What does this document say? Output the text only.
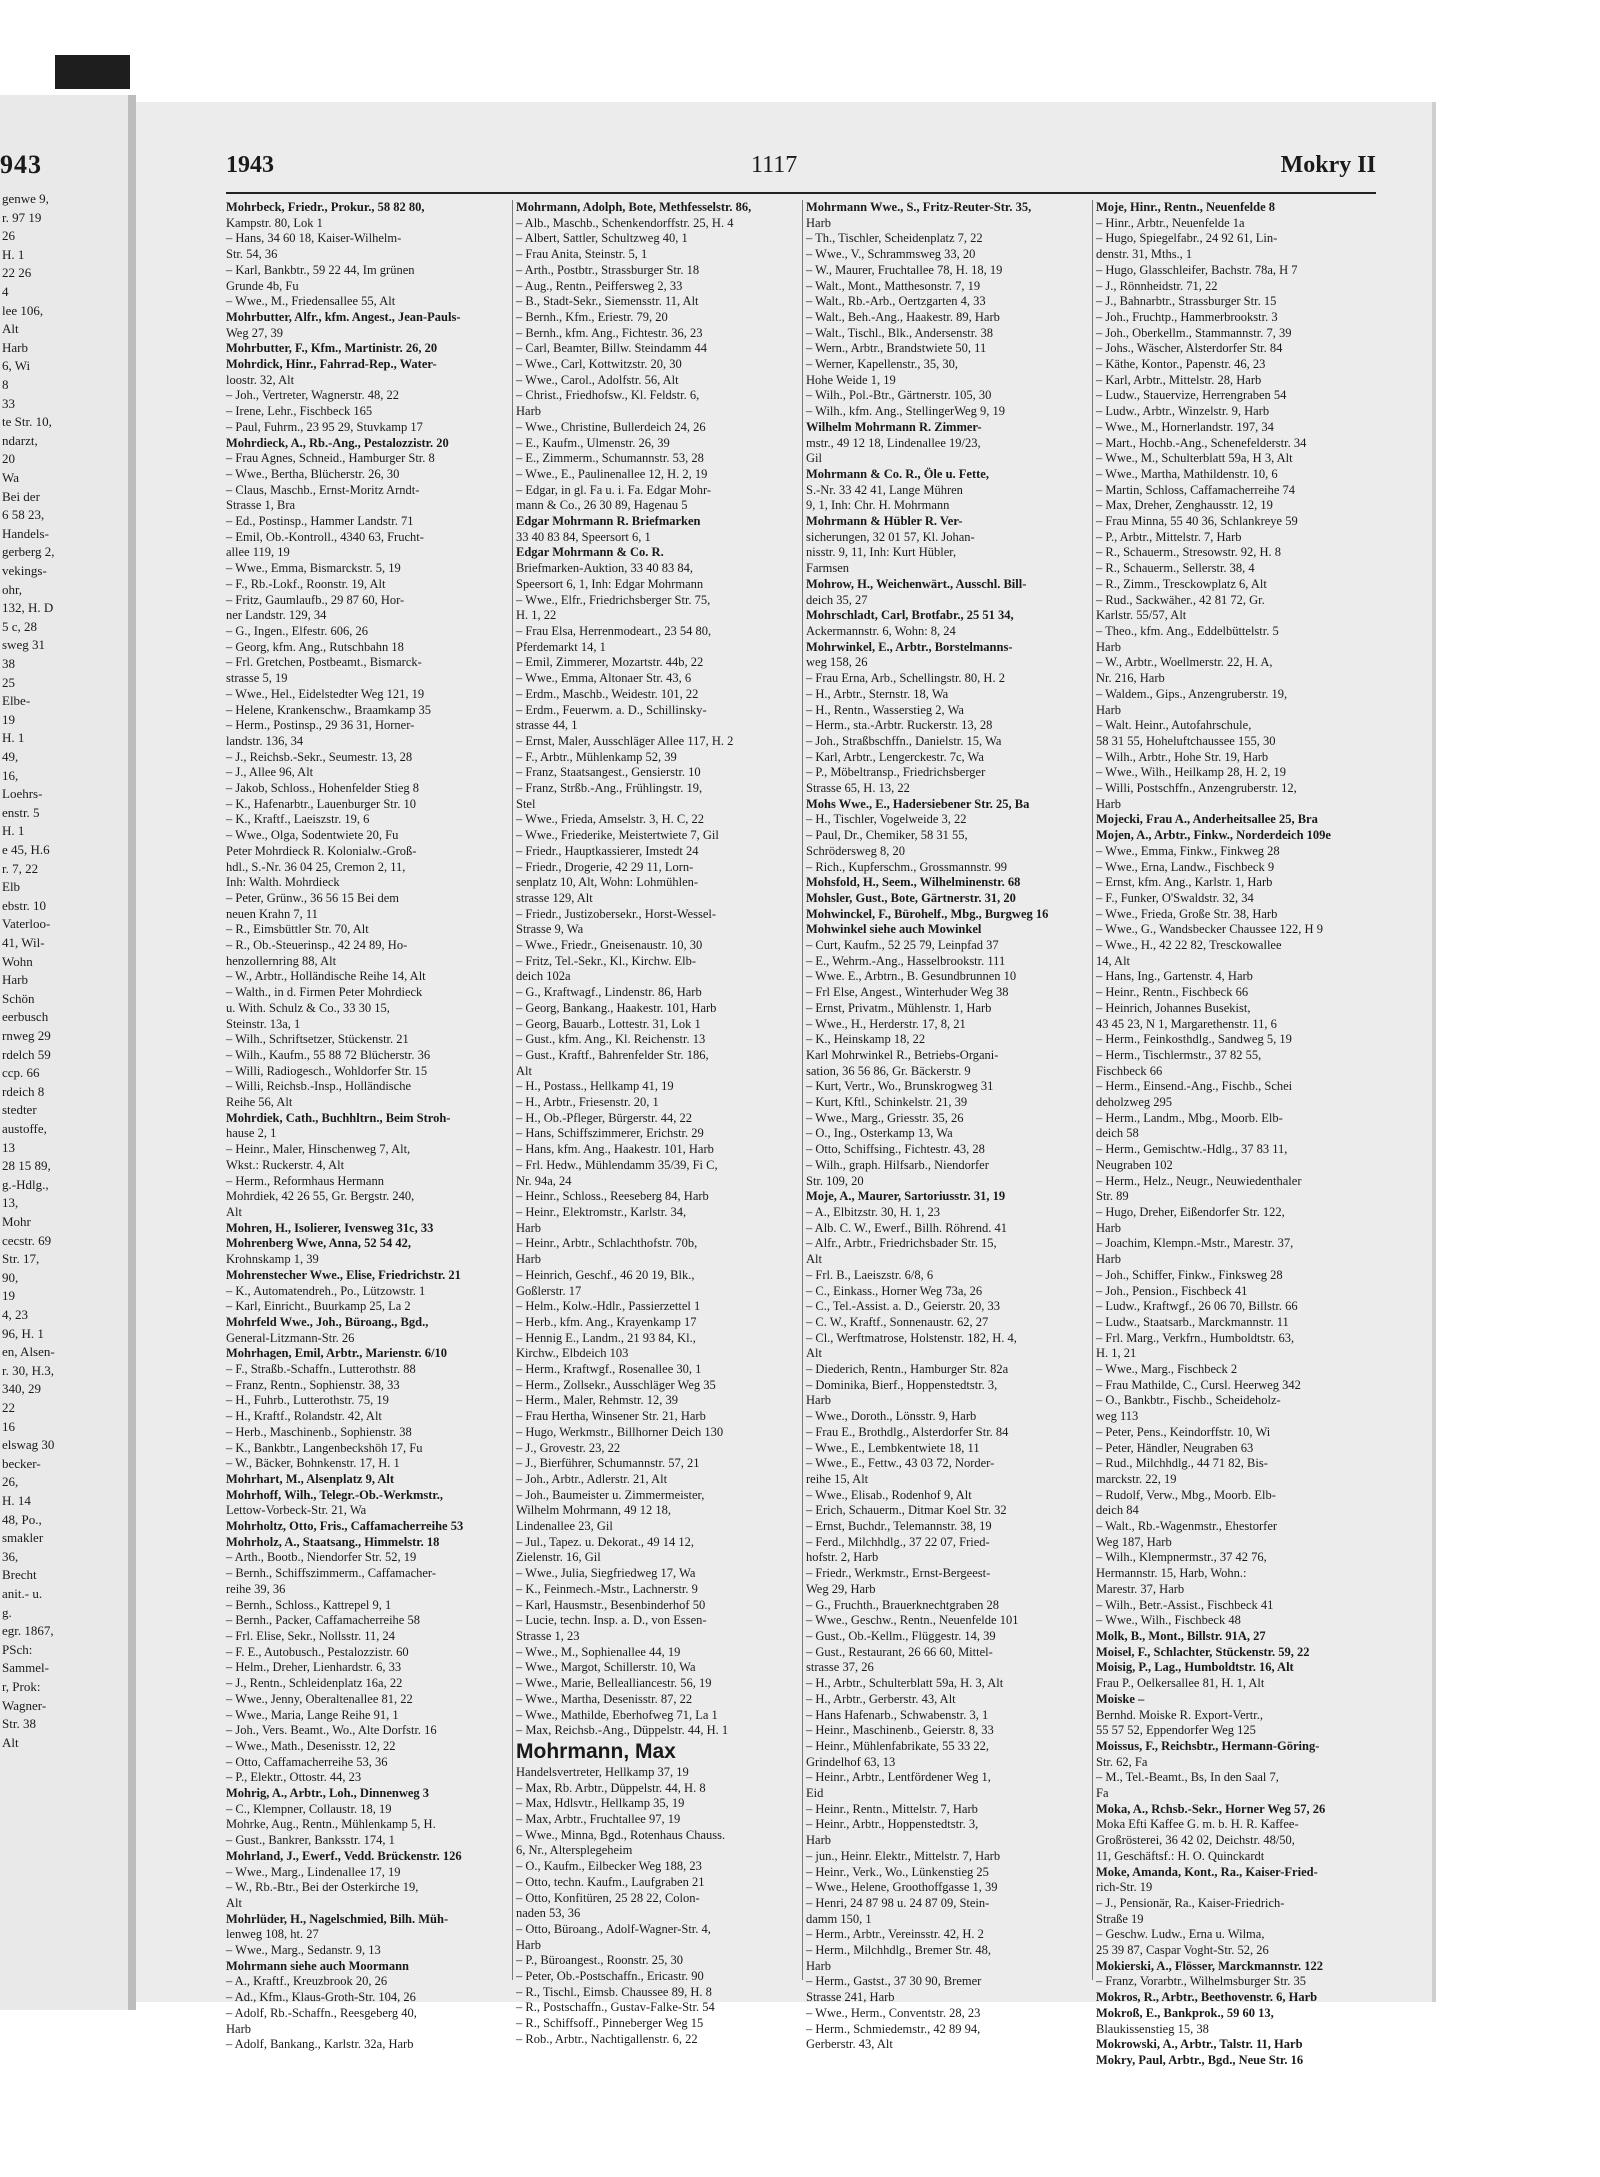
943
genwe 9,
r. 97 19
26
H. 1
22 26
4
lee 106,
Alt
Harb
6, Wi
8
33
te Str. 10,
ndarzt,
20
Wa
Bei der
6 58 23,
Handels-
gerberg 2,
vekings-
ohr,
132, H. D
5 c, 28
sweg 31
38
25
Elbe-
19
H. 1
49,
16,
Loehrs-
enstr. 5
H. 1
e 45, H.6
r. 7, 22
Elb
ebstr. 10
Vaterloo-
41, Wil-
Wohn
Harb
Schön
eerbusch
rnweg 29
rdelch 59
ccp. 66
rdeich 8
stedter
austoffe,
13
28 15 89,
g.-Hdlg.,
13,
Mohr
cecstr. 69
Str. 17,
90,
19
4, 23
96, H. 1
en, Alsen-
r. 30, H.3,
340, 29
22
16
elswag 30
becker-
26,
H. 14
48, Po.,
smakler
36,
Brecht
anit.- u.
g.
egr. 1867,
PSch:
Sammel-
r, Prok:
Wagner-
Str. 38
Alt
1943	1117	Mokry II
Mohrbeck, Friedr., Prokur., 58 82 80,
Kampstr. 80, Lok 1
– Hans, 34 60 18, Kaiser-Wilhelm-
Str. 54, 36
– Karl, Bankbtr., 59 22 44, Im grünen
Grunde 4b, Fu
– Wwe., M., Friedensallee 55, Alt
Mohrbutter, Alfr., kfm. Angest., Jean-Pauls-
Weg 27, 39
Mohrbutter, F., Kfm., Martinistr. 26, 20
Mohrdick, Hinr., Fahrrad-Rep., Water-
loostr. 32, Alt
– Joh., Vertreter, Wagnerstr. 48, 22
– Irene, Lehr., Fischbeck 165
– Paul, Fuhrm., 23 95 29, Stuvkamp 17
Mohrdieck, A., Rb.-Ang., Pestalozzistr. 20
– Frau Agnes, Schneid., Hamburger Str. 8
– Wwe., Bertha, Blücherstr. 26, 30
– Claus, Maschb., Ernst-Moritz Arndt-
Strasse 1, Bra
– Ed., Postinsp., Hammer Landstr. 71
– Emil, Ob.-Kontroll., 4340 63, Frucht-
allee 119, 19
– Wwe., Emma, Bismarckstr. 5, 19
– F., Rb.-Lokf., Roonstr. 19, Alt
– Fritz, Gaumlaufb., 29 87 60, Hor-
ner Landstr. 129, 34
– G., Ingen., Elfestr. 606, 26
– Georg, kfm. Ang., Rutschbahn 18
– Frl. Gretchen, Postbeamt., Bismarck-
strasse 5, 19
– Wwe., Hel., Eidelstedter Weg 121, 19
– Helene, Krankenschw., Braamkamp 35
– Herm., Postinsp., 29 36 31, Horner-
landstr. 136, 34
– J., Reichsb.-Sekr., Seumestr. 13, 28
– J., Allee 96, Alt
– Jakob, Schloss., Hohenfelder Stieg 8
– K., Hafenarbtr., Lauenburger Str. 10
– K., Kraftf., Laeiszstr. 19, 6
– Wwe., Olga, Sodentwiete 20, Fu
Peter Mohrdieck R. Kolonialw.-Groß-
hdl., S.-Nr. 36 04 25, Cremon 2, 11,
Inh: Walth. Mohrdieck
– Peter, Grünw., 36 56 15 Bei dem
neuen Krahn 7, 11
– R., Eimsbüttler Str. 70, Alt
– R., Ob.-Steuerinsp., 42 24 89, Ho-
henzollernring 88, Alt
– W., Arbtr., Holländische Reihe 14, Alt
– Walth., in d. Firmen Peter Mohrdieck
u. With. Schulz & Co., 33 30 15,
Steinstr. 13a, 1
– Wilh., Schriftsetzer, Stückenstr. 21
– Wilh., Kaufm., 55 88 72 Blücherstr. 36
– Willi, Radiogesch., Wohldorfer Str. 15
– Willi, Reichsb.-Insp., Holländische
Reihe 56, Alt
Mohrdiek, Cath., Buchhltrn., Beim Stroh-
hause 2, 1
– Heinr., Maler, Hinschenweg 7, Alt,
Wkst.: Ruckerstr. 4, Alt
– Herm., Reformhaus Hermann
Mohrdiek, 42 26 55, Gr. Bergstr. 240,
Alt
Mohren, H., Isolierer, Ivensweg 31c, 33
Mohrenberg Wwe, Anna, 52 54 42,
Krohnskamp 1, 39
Mohrenstecher Wwe., Elise, Friedrichstr. 21
– K., Automatendreh., Po., Lützowstr. 1
– Karl, Einricht., Buurkamp 25, La 2
Mohrfeld Wwe., Joh., Büroang., Bgd.,
General-Litzmann-Str. 26
Mohrhagen, Emil, Arbtr., Marienstr. 6/10
– F., Straßb.-Schaffn., Lutterothstr. 88
– Franz, Rentn., Sophienstr. 38, 33
– H., Fuhrb., Lutterothstr. 75, 19
– H., Kraftf., Rolandstr. 42, Alt
– Herb., Maschinenb., Sophienstr. 38
– K., Bankbtr., Langenbeckshöh 17, Fu
– W., Bäcker, Bohnkenstr. 17, H. 1
Mohrhart, M., Alsenplatz 9, Alt
Mohrhoff, Wilh., Telegr.-Ob.-Werkmstr.,
Lettow-Vorbeck-Str. 21, Wa
Mohrholtz, Otto, Fris., Caffamacherreihe 53
Mohrholz, A., Staatsang., Himmelstr. 18
– Arth., Bootb., Niendorfer Str. 52, 19
– Bernh., Schiffszimmerm., Caffamacher-
reihe 39, 36
– Bernh., Schloss., Kattrepel 9, 1
– Bernh., Packer, Caffamacherreihe 58
– Frl. Elise, Sekr., Nollsstr. 11, 24
– F. E., Autobusch., Pestalozzistr. 60
– Helm., Dreher, Lienhardstr. 6, 33
– J., Rentn., Schleidenplatz 16a, 22
– Wwe., Jenny, Oberaltenallee 81, 22
– Wwe., Maria, Lange Reihe 91, 1
– Joh., Vers. Beamt., Wo., Alte Dorfstr. 16
– Wwe., Math., Desenisstr. 12, 22
– Otto, Caffamacherreihe 53, 36
– P., Elektr., Ottostr. 44, 23
Mohrig, A., Arbtr., Loh., Dinnenweg 3
– C., Klempner, Collaustr. 18, 19
Mohrke, Aug., Rentn., Mühlenkamp 5, H.
– Gust., Bankrer, Banksstr. 174, 1
Mohrland, J., Ewerf., Vedd. Brückenstr. 126
– Wwe., Marg., Lindenallee 17, 19
– W., Rb.-Btr., Bei der Osterkirche 19,
Alt
Mohrlüder, H., Nagelschmied, Bilh. Müh-
lenweg 108, ht. 27
– Wwe., Marg., Sedanstr. 9, 13
Mohrmann siehe auch Moormann
– A., Kraftf., Kreuzbrook 20, 26
– Ad., Kfm., Klaus-Groth-Str. 104, 26
– Adolf, Rb.-Schaffn., Reesgeberg 40,
Harb
– Adolf, Bankang., Karlstr. 32a, Harb
Mohrmann, Adolph, Bote, Methfesselstr. 86,
– Alb., Maschb., Schenkendorffstr. 25, H. 4
– Albert, Sattler, Schultzweg 40, 1
– Frau Anita, Steinstr. 5, 1
– Arth., Postbtr., Strassburger Str. 18
– Aug., Rentn., Peiffersweg 2, 33
– B., Stadt-Sekr., Siemensstr. 11, Alt
– Bernh., Kfm., Eriestr. 79, 20
– Bernh., kfm. Ang., Fichtestr. 36, 23
– Carl, Beamter, Billw. Steindamm 44
– Wwe., Carl, Kottwitzstr. 20, 30
– Wwe., Carol., Adolfstr. 56, Alt
– Christ., Friedhofsw., Kl. Feldstr. 6,
Harb
– Wwe., Christine, Bullerdeich 24, 26
– E., Kaufm., Ulmenstr. 26, 39
– E., Zimmerm., Schumannstr. 53, 28
– Wwe., E., Paulinenallee 12, H. 2, 19
– Edgar, in gl. Fa u. i. Fa. Edgar Mohr-
mann & Co., 26 30 89, Hagenau 5
Edgar Mohrmann R. Briefmarken
33 40 83 84, Speersort 6, 1
Edgar Mohrmann & Co. R.
Briefmarken-Auktion, 33 40 83 84,
Speersort 6, 1, Inh: Edgar Mohrmann
– Wwe., Elfr., Friedrichsberger Str. 75,
H. 1, 22
– Frau Elsa, Herrenmodeart., 23 54 80,
Pferdemarkt 14, 1
– Emil, Zimmerer, Mozartstr. 44b, 22
– Wwe., Emma, Altonaer Str. 43, 6
– Erdm., Maschb., Weidestr. 101, 22
– Erdm., Feuerwm. a. D., Schillinsky-
strasse 44, 1
– Ernst, Maler, Ausschläger Allee 117, H. 2
– F., Arbtr., Mühlenkamp 52, 39
– Franz, Staatsangest., Gensierstr. 10
– Franz, Strßb.-Ang., Frühlingstr. 19,
Stel
– Wwe., Frieda, Amselstr. 3, H. C, 22
– Wwe., Friederike, Meistertwiete 7, Gil
– Friedr., Hauptkassierer, Imstedt 24
– Friedr., Drogerie, 42 29 11, Lorn-
senplatz 10, Alt, Wohn: Lohmühlen-
strasse 129, Alt
– Friedr., Justizobersekr., Horst-Wessel-
Strasse 9, Wa
– Wwe., Friedr., Gneisenaustr. 10, 30
– Fritz, Tel.-Sekr., Kl., Kirchw. Elb-
deich 102a
– G., Kraftwagf., Lindenstr. 86, Harb
– Georg, Bankang., Haakestr. 101, Harb
– Georg, Bauarb., Lottestr. 31, Lok 1
– Gust., kfm. Ang., Kl. Reichenstr. 13
– Gust., Kraftf., Bahrenfelder Str. 186,
Alt
– H., Postass., Hellkamp 41, 19
– H., Arbtr., Friesenstr. 20, 1
– H., Ob.-Pfleger, Bürgerstr. 44, 22
– Hans, Schiffszimmerer, Erichstr. 29
– Hans, kfm. Ang., Haakestr. 101, Harb
– Frl. Hedw., Mühlendamm 35/39, Fi C,
Nr. 94a, 24
– Heinr., Schloss., Reeseberg 84, Harb
– Heinr., Elektromstr., Karlstr. 34,
Harb
– Heinr., Arbtr., Schlachthofstr. 70b,
Harb
– Heinrich, Geschf., 46 20 19, Blk.,
Goßlerstr. 17
– Helm., Kolw.-Hdlr., Passierzettel 1
– Herb., kfm. Ang., Krayenkamp 17
– Hennig E., Landm., 21 93 84, Kl.,
Kirchw., Elbdeich 103
– Herm., Kraftwgf., Rosenallee 30, 1
– Herm., Zollsekr., Ausschläger Weg 35
– Herm., Maler, Rehmstr. 12, 39
– Frau Hertha, Winsener Str. 21, Harb
– Hugo, Werkmstr., Billhorner Deich 130
– J., Grovestr. 23, 22
– J., Bierführer, Schumannstr. 57, 21
– Joh., Arbtr., Adlerstr. 21, Alt
– Joh., Baumeister u. Zimmermeister,
Wilhelm Mohrmann, 49 12 18,
Lindenallee 23, Gil
– Jul., Tapez. u. Dekorat., 49 14 12,
Zielenstr. 16, Gil
– Wwe., Julia, Siegfriedweg 17, Wa
– K., Feinmech.-Mstr., Lachnerstr. 9
– Karl, Hausmstr., Besenbinderhof 50
– Lucie, techn. Insp. a. D., von Essen-
Strasse 1, 23
– Wwe., M., Sophienallee 44, 19
– Wwe., Margot, Schillerstr. 10, Wa
– Wwe., Marie, Bellealliancestr. 56, 19
– Wwe., Martha, Desenisstr. 87, 22
– Wwe., Mathilde, Eberhofweg 71, La 1
– Max, Reichsb.-Ang., Düppelstr. 44, H. 1
Mohrmann, Max
Handelsvertreter, Hellkamp 37, 19
– Max, Rb. Arbtr., Düppelstr. 44, H. 8
– Max, Hdlsvtr., Hellkamp 35, 19
– Max, Arbtr., Fruchtallee 97, 19
– Wwe., Minna, Bgd., Rotenhaus Chauss.
6, Nr., Altersplegeheim
– O., Kaufm., Eilbecker Weg 188, 23
– Otto, techn. Kaufm., Laufgraben 21
– Otto, Konfitüren, 25 28 22, Colon-
naden 53, 36
– Otto, Büroang., Adolf-Wagner-Str. 4,
Harb
– P., Büroangest., Roonstr. 25, 30
– Peter, Ob.-Postschaffn., Ericastr. 90
– R., Tischl., Eimsb. Chaussee 89, H. 8
– R., Postschaffn., Gustav-Falke-Str. 54
– R., Schiffsoff., Pinneberger Weg 15
– Rob., Arbtr., Nachtigallenstr. 6, 22
Mohrmann Wwe., S., Fritz-Reuter-Str. 35,
Harb
– Th., Tischler, Scheidenplatz 7, 22
– Wwe., V., Schrammsweg 33, 20
– W., Maurer, Fruchtallee 78, H. 18, 19
– Walt., Mont., Matthesonstr. 7, 19
– Walt., Rb.-Arb., Oertzgarten 4, 33
– Walt., Beh.-Ang., Haakestr. 89, Harb
– Walt., Tischl., Blk., Andersenstr. 38
– Wern., Arbtr., Brandstwiete 50, 11
– Werner, Kapellenstr., 35, 30,
Hohe Weide 1, 19
– Wilh., Pol.-Btr., Gärtnerstr. 105, 30
– Wilh., kfm. Ang., StellingerWeg 9, 19
Wilhelm Mohrmann R. Zimmer-
mstr., 49 12 18, Lindenallee 19/23,
Gil
Mohrmann & Co. R., Öle u. Fette,
S.-Nr. 33 42 41, Lange Mühren
9, 1, Inh: Chr. H. Mohrmann
Mohrmann & Hübler R. Ver-
sicherungen, 32 01 57, Kl. Johan-
nisstr. 9, 11, Inh: Kurt Hübler,
Farmsen
Mohrow, H., Weichenwärt., Ausschl. Bill-
deich 35, 27
Mohrschladt, Carl, Brotfabr., 25 51 34,
Ackermannstr. 6, Wohn: 8, 24
Mohrwinkel, E., Arbtr., Borstelmanns-
weg 158, 26
– Frau Erna, Arb., Schellingstr. 80, H. 2
– H., Arbtr., Sternstr. 18, Wa
– H., Rentn., Wasserstieg 2, Wa
– Herm., sta.-Arbtr. Ruckerstr. 13, 28
– Joh., Straßbschffn., Danielstr. 15, Wa
– Karl, Arbtr., Lengerckestr. 7c, Wa
– P., Möbeltransp., Friedrichsberger
Strasse 65, H. 13, 22
Mohs Wwe., E., Hadersiebener Str. 25, Ba
– H., Tischler, Vogelweide 3, 22
– Paul, Dr., Chemiker, 58 31 55,
Schrödersweg 8, 20
– Rich., Kupferschm., Grossmannstr. 99
Mohsfold, H., Seem., Wilhelminenstr. 68
Mohsler, Gust., Bote, Gärtnerstr. 31, 20
Mohwinckel, F., Bürohelf., Mbg., Burgweg 16
Mohwinkel siehe auch Mowinkel
– Curt, Kaufm., 52 25 79, Leinpfad 37
– E., Wehrm.-Ang., Hasselbrookstr. 111
– Wwe. E., Arbtrn., B. Gesundbrunnen 10
– Frl Else, Angest., Winterhuder Weg 38
– Ernst, Privatm., Mühlenstr. 1, Harb
– Wwe., H., Herderstr. 17, 8, 21
– K., Heinskamp 18, 22
Karl Mohrwinkel R., Betriebs-Organi-
sation, 36 56 86, Gr. Bäckerstr. 9
– Kurt, Vertr., Wo., Brunskrogweg 31
– Kurt, Kftl., Schinkelstr. 21, 39
– Wwe., Marg., Griesstr. 35, 26
– O., Ing., Osterkamp 13, Wa
– Otto, Schiffsing., Fichtestr. 43, 28
– Wilh., graph. Hilfsarb., Niendorfer
Str. 109, 20
Moje, A., Maurer, Sartoriusstr. 31, 19
– A., Elbitzstr. 30, H. 1, 23
– Alb. C. W., Ewerf., Billh. Röhrend. 41
– Alfr., Arbtr., Friedrichsbader Str. 15,
Alt
– Frl. B., Laeiszstr. 6/8, 6
– C., Einkass., Horner Weg 73a, 26
– C., Tel.-Assist. a. D., Geierstr. 20, 33
– C. W., Kraftf., Sonnenaustr. 62, 27
– Cl., Werftmatrose, Holstenstr. 182, H. 4,
Alt
– Diederich, Rentn., Hamburger Str. 82a
– Dominika, Bierf., Hoppenstedtstr. 3,
Harb
– Wwe., Doroth., Lönsstr. 9, Harb
– Frau E., Brothdlg., Alsterdorfer Str. 84
– Wwe., E., Lembkentwiete 18, 11
– Wwe., E., Fettw., 43 03 72, Norder-
reihe 15, Alt
– Wwe., Elisab., Rodenhof 9, Alt
– Erich, Schauerm., Ditmar Koel Str. 32
– Ernst, Buchdr., Telemannstr. 38, 19
– Ferd., Milchhdlg., 37 22 07, Fried-
hofstr. 2, Harb
– Friedr., Werkmstr., Ernst-Bergeest-
Weg 29, Harb
– G., Fruchth., Brauerknechtgraben 28
– Wwe., Geschw., Rentn., Neuenfelde 101
– Gust., Ob.-Kellm., Flüggestr. 14, 39
– Gust., Restaurant, 26 66 60, Mittel-
strasse 37, 26
– H., Arbtr., Schulterblatt 59a, H. 3, Alt
– H., Arbtr., Gerberstr. 43, Alt
– Hans Hafenarb., Schwabenstr. 3, 1
– Heinr., Maschinenb., Geierstr. 8, 33
– Heinr., Mühlenfabrikate, 55 33 22,
Grindelhof 63, 13
– Heinr., Arbtr., Lentfördener Weg 1,
Eid
– Heinr., Rentn., Mittelstr. 7, Harb
– Heinr., Arbtr., Hoppenstedtstr. 3,
Harb
– jun., Heinr. Elektr., Mittelstr. 7, Harb
– Heinr., Verk., Wo., Lünkenstieg 25
– Wwe., Helene, Groothoffgasse 1, 39
– Henri, 24 87 98 u. 24 87 09, Stein-
damm 150, 1
– Herm., Arbtr., Vereinsstr. 42, H. 2
– Herm., Milchhdlg., Bremer Str. 48,
Harb
– Herm., Gastst., 37 30 90, Bremer
Strasse 241, Harb
– Wwe., Herm., Conventstr. 28, 23
– Herm., Schmiedemstr., 42 89 94,
Gerberstr. 43, Alt
Moje, Hinr., Rentn., Neuenfelde 8
– Hinr., Arbtr., Neuenfelde 1a
– Hugo, Spiegelfabr., 24 92 61, Lin-
denstr. 31, Mths., 1
– Hugo, Glasschleifer, Bachstr. 78a, H 7
– J., Rönnheidstr. 71, 22
– J., Bahnarbtr., Strassburger Str. 15
– Joh., Fruchtp., Hammerbrookstr. 3
– Joh., Oberkellm., Stammannstr. 7, 39
– Johs., Wäscher, Alsterdorfer Str. 84
– Käthe, Kontor., Papenstr. 46, 23
– Karl, Arbtr., Mittelstr. 28, Harb
– Ludw., Stauervize, Herrengraben 54
– Ludw., Arbtr., Winzelstr. 9, Harb
– Wwe., M., Hornerlandstr. 197, 34
– Mart., Hochb.-Ang., Schenefelderstr. 34
– Wwe., M., Schulterblatt 59a, H 3, Alt
– Wwe., Martha, Mathildenstr. 10, 6
– Martin, Schloss, Caffamacherreihe 74
– Max, Dreher, Zenghausstr. 12, 19
– Frau Minna, 55 40 36, Schlankreye 59
– P., Arbtr., Mittelstr. 7, Harb
– R., Schauerm., Stresowstr. 92, H. 8
– R., Schauerm., Sellerstr. 38, 4
– R., Zimm., Tresckowplatz 6, Alt
– Rud., Sackwäher., 42 81 72, Gr.
Karlstr. 55/57, Alt
– Theo., kfm. Ang., Eddelbüttelstr. 5
Harb
– W., Arbtr., Woellmerstr. 22, H. A,
Nr. 216, Harb
– Waldem., Gips., Anzengruberstr. 19,
Harb
– Walt. Heinr., Autofahrschule,
58 31 55, Hoheluftchaussee 155, 30
– Wilh., Arbtr., Hohe Str. 19, Harb
– Wwe., Wilh., Heilkamp 28, H. 2, 19
– Willi, Postschffn., Anzengruberstr. 12,
Harb
Mojecki, Frau A., Anderheitsallee 25, Bra
Mojen, A., Arbtr., Finkw., Norderdeich 109e
– Wwe., Emma, Finkw., Finkweg 28
– Wwe., Erna, Landw., Fischbeck 9
– Ernst, kfm. Ang., Karlstr. 1, Harb
– F., Funker, O'Swaldstr. 32, 34
– Wwe., Frieda, Große Str. 38, Harb
– Wwe., G., Wandsbecker Chaussee 122, H 9
– Wwe., H., 42 22 82, Tresckowallee
14, Alt
– Hans, Ing., Gartenstr. 4, Harb
– Heinr., Rentn., Fischbeck 66
– Heinrich, Johannes Busekist,
43 45 23, N 1, Margarethenstr. 11, 6
– Herm., Feinkosthdlg., Sandweg 5, 19
– Herm., Tischlermstr., 37 82 55,
Fischbeck 66
– Herm., Einsend.-Ang., Fischb., Schei
deholzweg 295
– Herm., Landm., Mbg., Moorb. Elb-
deich 58
– Herm., Gemischtw.-Hdlg., 37 83 11,
Neugraben 102
– Herm., Helz., Neugr., Neuwiedenthaler
Str. 89
– Hugo, Dreher, Eißendorfer Str. 122,
Harb
– Joachim, Klempn.-Mstr., Marestr. 37,
Harb
– Joh., Schiffer, Finkw., Finksweg 28
– Joh., Pension., Fischbeck 41
– Ludw., Kraftwgf., 26 06 70, Billstr. 66
– Ludw., Staatsarb., Marckmannstr. 11
– Frl. Marg., Verkfrn., Humboldtstr. 63,
H. 1, 21
– Wwe., Marg., Fischbeck 2
– Frau Mathilde, C., Cursl. Heerweg 342
– O., Bankbtr., Fischb., Scheideholz-
weg 113
– Peter, Pens., Keindorffstr. 10, Wi
– Peter, Händler, Neugraben 63
– Rud., Milchhdlg., 44 71 82, Bis-
marckstr. 22, 19
– Rudolf, Verw., Mbg., Moorb. Elb-
deich 84
– Walt., Rb.-Wagenmstr., Ehestorfer
Weg 187, Harb
– Wilh., Klempnermstr., 37 42 76,
Hermannstr. 15, Harb, Wohn.:
Marestr. 37, Harb
– Wilh., Betr.-Assist., Fischbeck 41
– Wwe., Wilh., Fischbeck 48
Molk, B., Mont., Billstr. 91A, 27
Moisel, F., Schlachter, Stückenstr. 59, 22
Moisig, P., Lag., Humboldtstr. 16, Alt
Frau P., Oelkersallee 81, H. 1, Alt
Moiske –
Bernhd. Moiske R. Export-Vertr.,
55 57 52, Eppendorfer Weg 125
Moissus, F., Reichsbtr., Hermann-Göring-
Str. 62, Fa
– M., Tel.-Beamt., Bs, In den Saal 7,
Fa
Moka, A., Rchsb.-Sekr., Horner Weg 57, 26
Moka Efti Kaffee G. m. b. H. R. Kaffee-
Großrösterei, 36 42 02, Deichstr. 48/50,
11, Geschäftsf.: H. O. Quinckardt
Moke, Amanda, Kont., Ra., Kaiser-Fried-
rich-Str. 19
– J., Pensionär, Ra., Kaiser-Friedrich-
Straße 19
– Geschw. Ludw., Erna u. Wilma,
25 39 87, Caspar Voght-Str. 52, 26
Mokierski, A., Flösser, Marckmannstr. 122
– Franz, Vorarbtr., Wilhelmsburger Str. 35
Mokros, R., Arbtr., Beethovenstr. 6, Harb
Mokroß, E., Bankprok., 59 60 13,
Blaukissenstieg 15, 38
Mokrowski, A., Arbtr., Talstr. 11, Harb
Mokry, Paul, Arbtr., Bgd., Neue Str. 16
